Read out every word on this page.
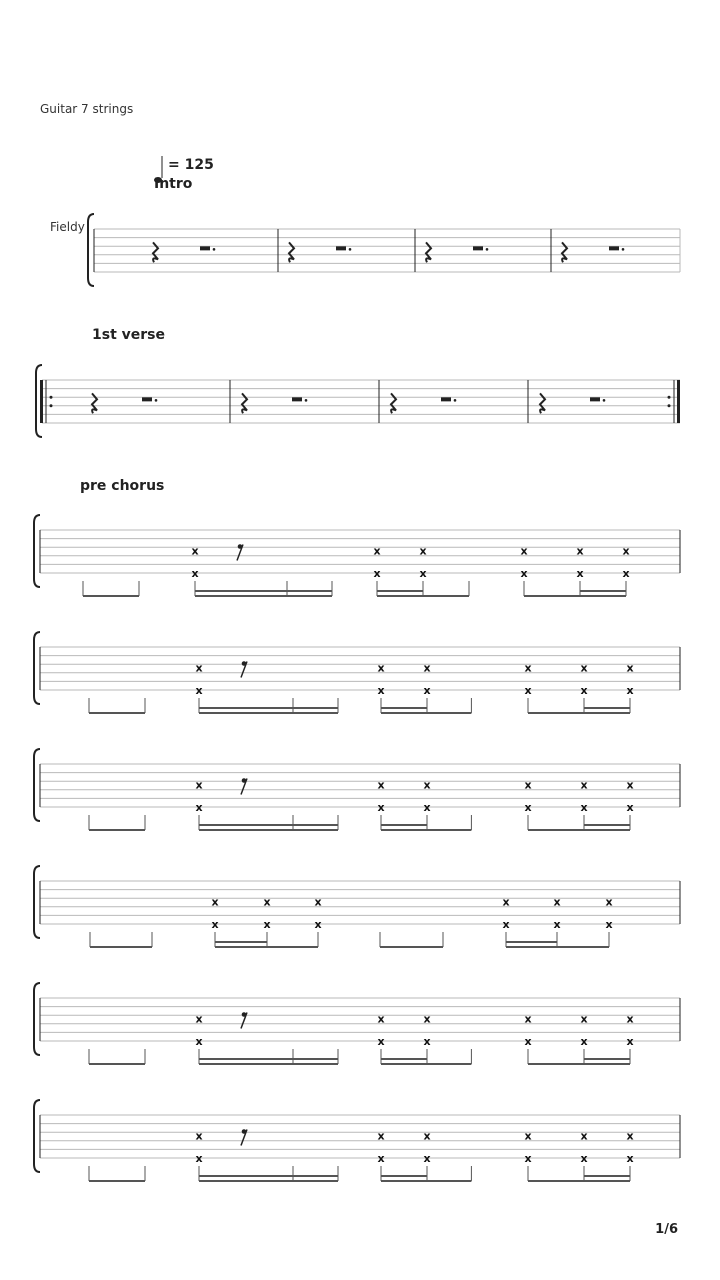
Guitar 7 strings
= 125
Intro
1st verse
pre chorus
Fieldy
x	x	x	x	x	x
x	x	x	x	x	x
x	x	x	x	x	x
x	x	x	x	x	x
x	x	x	x	x	x
x	x	x	x	x	x
x
x
x
x
x
x
x
x
x
x
x
x
x	x	x	x	x	x
x	x	x	x	x	x
x	x	x	x	x	x
x	x	x	x	x	x
1/6
